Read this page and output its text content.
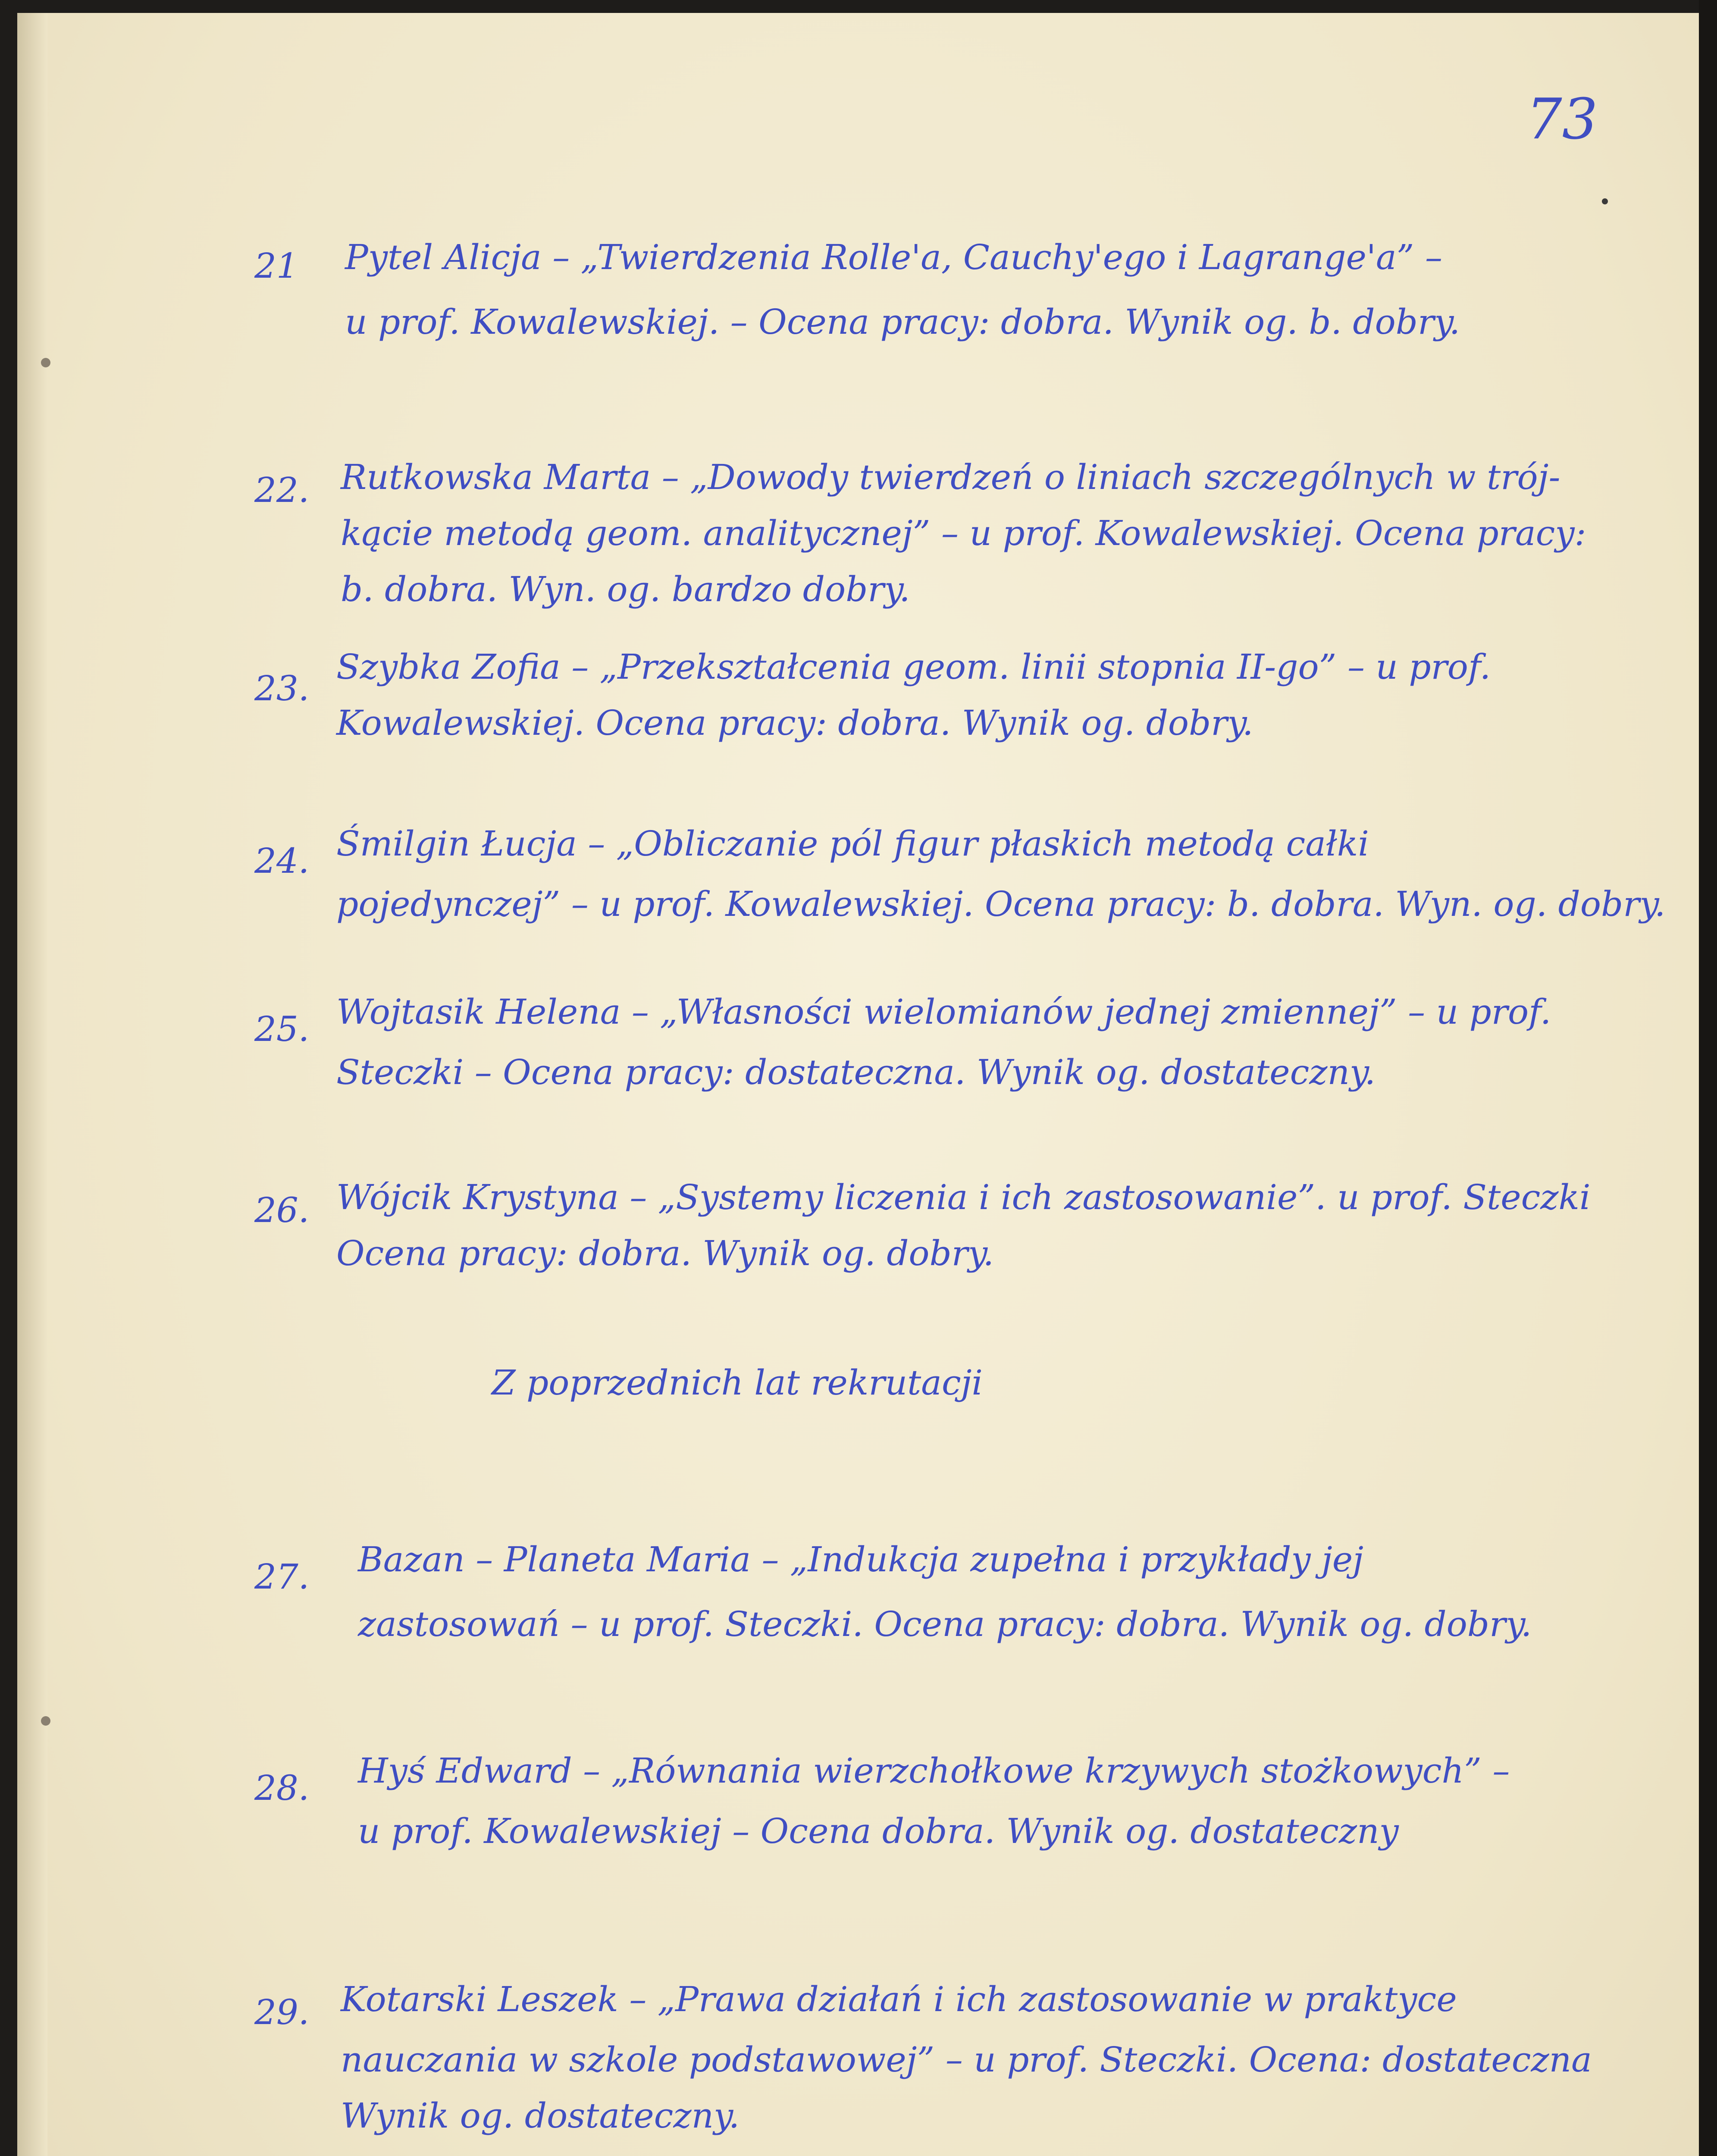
73
21 Pytel Alicja – „Twierdzenia Rolle'a, Cauchy'ego i Lagrange'a” –
u prof. Kowalewskiej. – Ocena pracy: dobra. Wynik og. b. dobry.
22. Rutkowska Marta – „Dowody twierdzeń o liniach szczególnych w trój-
kącie metodą geom. analitycznej” – u prof. Kowalewskiej. Ocena pracy:
b. dobra. Wyn. og. bardzo dobry.
23.
Szybka Zofia – „Przekształcenia geom. linii stopnia II-go” – u prof.
Kowalewskiej. Ocena pracy: dobra. Wynik og. dobry.
24. Śmilgin Łucja – „Obliczanie pól figur płaskich metodą całki
pojedynczej” – u prof. Kowalewskiej. Ocena pracy: b. dobra. Wyn. og. dobry.
25. Wojtasik Helena – „Własności wielomianów jednej zmiennej” – u prof.
Steczki – Ocena pracy: dostateczna. Wynik og. dostateczny.
26. Wójcik Krystyna – „Systemy liczenia i ich zastosowanie”. u prof. Steczki
Ocena pracy: dobra. Wynik og. dobry.
Z poprzednich lat rekrutacji
27. Bazan – Planeta Maria – „Indukcja zupełna i przykłady jej
zastosowań – u prof. Steczki. Ocena pracy: dobra. Wynik og. dobry.
28. Hyś Edward – „Równania wierzchołkowe krzywych stożkowych” –
u prof. Kowalewskiej – Ocena dobra. Wynik og. dostateczny
29. Kotarski Leszek – „Prawa działań i ich zastosowanie w praktyce
nauczania w szkole podstawowej” – u prof. Steczki. Ocena: dostateczna
Wynik og. dostateczny.
